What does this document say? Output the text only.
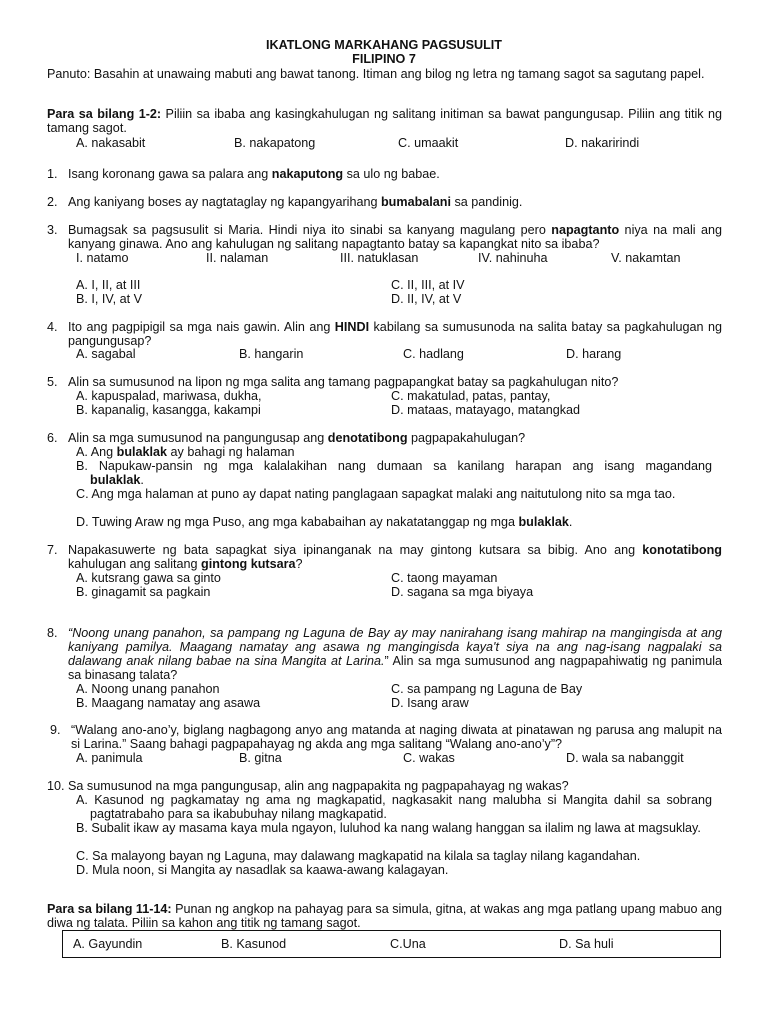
IKATLONG MARKAHANG PAGSUSULIT
FILIPINO 7
Panuto: Basahin at unawaing mabuti ang bawat tanong. Itiman ang bilog ng letra ng tamang sagot sa sagutang papel.
Para sa bilang 1-2: Piliin sa ibaba ang kasingkahulugan ng salitang initiman sa bawat pangungusap. Piliin ang titik ng tamang sagot.
A. nakasabit	B. nakapatong	C. umaakit	D. nakaririndi
1. Isang koronang gawa sa palara ang nakaputong sa ulo ng babae.
2. Ang kaniyang boses ay nagtataglay ng kapangyarihang bumabalani sa pandinig.
3. Bumagsak sa pagsusulit si Maria. Hindi niya ito sinabi sa kanyang magulang pero napagtanto niya na mali ang kanyang ginawa. Ano ang kahulugan ng salitang napagtanto batay sa kapangkat nito sa ibaba?
I. natamo	II. nalaman	III. natuklasan	IV. nahinuha	V. nakamtan
A. I, II, at III
B. I, IV, at V
C. II, III, at IV
D. II, IV, at V
4. Ito ang pagpipigil sa mga nais gawin. Alin ang HINDI kabilang sa sumusunoda na salita batay sa pagkahulugan ng pangungusap?
A. sagabal	B. hangarin	C. hadlang	D. harang
5. Alin sa sumusunod na lipon ng mga salita ang tamang pagpapangkat batay sa pagkahulugan nito?
A. kapuspalad, mariwasa, dukha,
B. kapanalig, kasangga, kakampi
C. makatulad, patas, pantay,
D. mataas, matayago, matangkad
6. Alin sa mga sumusunod na pangungusap ang denotatibong pagpapakahulugan?
A. Ang bulaklak ay bahagi ng halaman
B. Napukaw-pansin ng mga kalalakihan nang dumaan sa kanilang harapan ang isang magandang
bulaklak.
C. Ang mga halaman at puno ay dapat nating panglagaan sapagkat malaki ang naitutulong nito sa mga tao.
D. Tuwing Araw ng mga Puso, ang mga kababaihan ay nakatatanggap ng mga bulaklak.
7. Napakasuwerte ng bata sapagkat siya ipinanganak na may gintong kutsara sa bibig. Ano ang konotatibong kahulugan ang salitang gintong kutsara?
A. kutsrang gawa sa ginto
B. ginagamit sa pagkain
C. taong mayaman
D. sagana sa mga biyaya
8. “Noong unang panahon, sa pampang ng Laguna de Bay ay may nanirahang isang mahirap na mangingisda at ang kaniyang pamilya. Maagang namatay ang asawa ng mangingisda kaya't siya na ang nag-isang nagpalaki sa dalawang anak nilang babae na sina Mangita at Larina.” Alin sa mga sumusunod ang nagpapahiwatig ng panimula sa binasang talata?
A. Noong unang panahon
B. Maagang namatay ang asawa
C. sa pampang ng Laguna de Bay
D. Isang araw
9. “Walang ano-ano’y, biglang nagbagong anyo ang matanda at naging diwata at pinatawan ng parusa ang malupit na si Larina.” Saang bahagi pagpapahayag ng akda ang mga salitang “Walang ano-ano’y”?
A. panimula	B. gitna	C. wakas	D. wala sa nabanggit
10. Sa sumusunod na mga pangungusap, alin ang nagpapakita ng pagpapahayag ng wakas?
A. Kasunod ng pagkamatay ng ama ng magkapatid, nagkasakit nang malubha si Mangita dahil sa sobrang pagtatrabaho para sa ikabubuhay nilang magkapatid.
B. Subalit ikaw ay masama kaya mula ngayon, luluhod ka nang walang hanggan sa ilalim ng lawa at magsuklay.
C. Sa malayong bayan ng Laguna, may dalawang magkapatid na kilala sa taglay nilang kagandahan.
D. Mula noon, si Mangita ay nasadlak sa kaawa-awang kalagayan.
Para sa bilang 11-14: Punan ng angkop na pahayag para sa simula, gitna, at wakas ang mga patlang upang mabuo ang diwa ng talata. Piliin sa kahon ang titik ng tamang sagot.
A. Gayundin	B. Kasunod	C.Una	D. Sa huli
